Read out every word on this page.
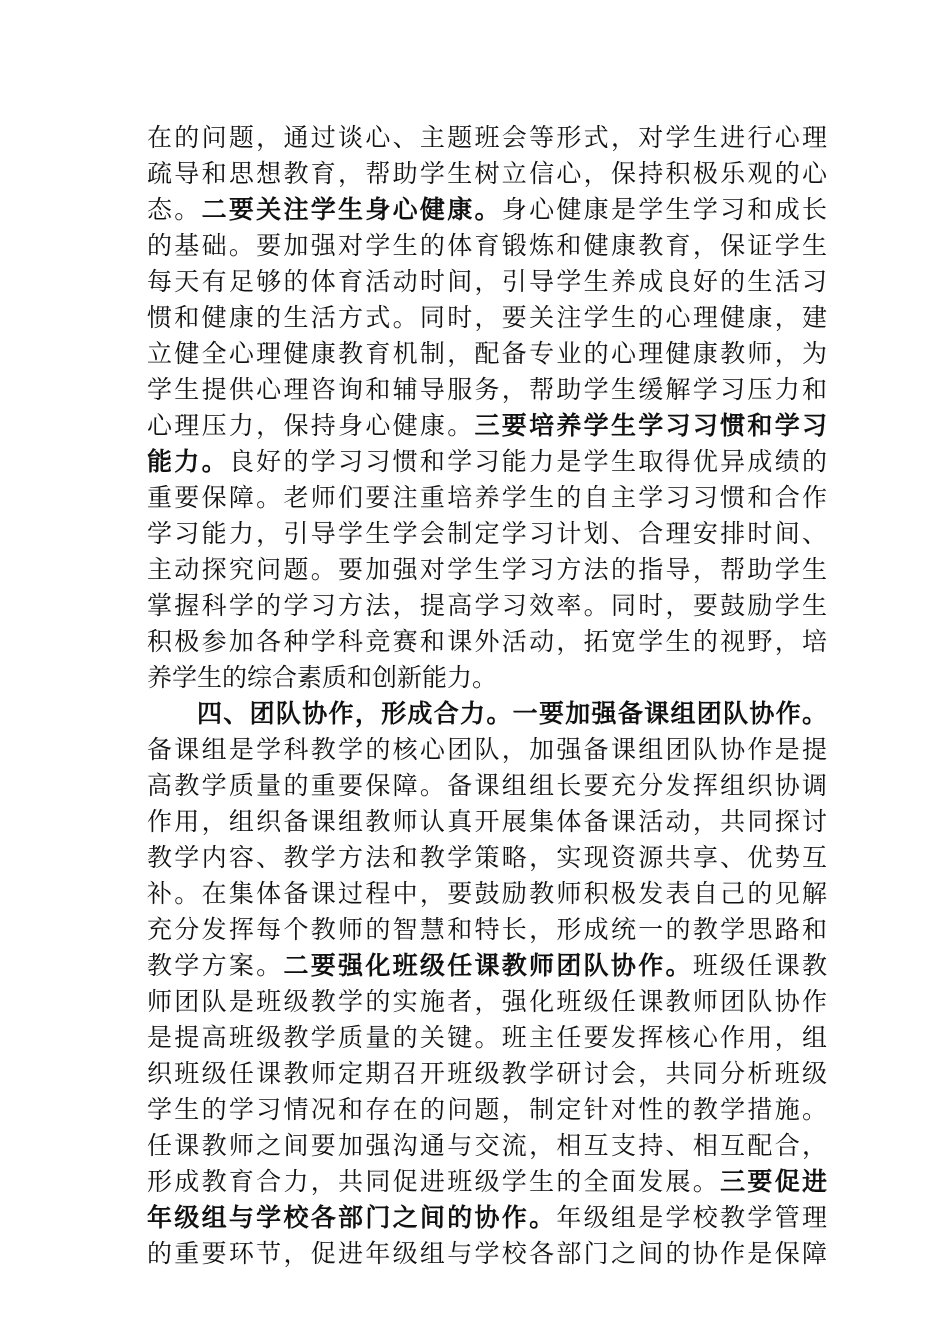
在的问题，通过谈心、主题班会等形式，对学生进行心理
疏导和思想教育，帮助学生树立信心，保持积极乐观的心
态。二要关注学生身心健康。身心健康是学生学习和成长
的基础。要加强对学生的体育锻炼和健康教育，保证学生
每天有足够的体育活动时间，引导学生养成良好的生活习
惯和健康的生活方式。同时，要关注学生的心理健康，建
立健全心理健康教育机制，配备专业的心理健康教师，为
学生提供心理咨询和辅导服务，帮助学生缓解学习压力和
心理压力，保持身心健康。三要培养学生学习习惯和学习
能力。良好的学习习惯和学习能力是学生取得优异成绩的
重要保障。老师们要注重培养学生的自主学习习惯和合作
学习能力，引导学生学会制定学习计划、合理安排时间、
主动探究问题。要加强对学生学习方法的指导，帮助学生
掌握科学的学习方法，提高学习效率。同时，要鼓励学生
积极参加各种学科竞赛和课外活动，拓宽学生的视野，培
养学生的综合素质和创新能力。
四、团队协作，形成合力。一要加强备课组团队协作。
备课组是学科教学的核心团队，加强备课组团队协作是提
高教学质量的重要保障。备课组组长要充分发挥组织协调
作用，组织备课组教师认真开展集体备课活动，共同探讨
教学内容、教学方法和教学策略，实现资源共享、优势互
补。在集体备课过程中，要鼓励教师积极发表自己的见解
充分发挥每个教师的智慧和特长，形成统一的教学思路和
教学方案。二要强化班级任课教师团队协作。班级任课教
师团队是班级教学的实施者，强化班级任课教师团队协作
是提高班级教学质量的关键。班主任要发挥核心作用，组
织班级任课教师定期召开班级教学研讨会，共同分析班级
学生的学习情况和存在的问题，制定针对性的教学措施。
任课教师之间要加强沟通与交流，相互支持、相互配合，
形成教育合力，共同促进班级学生的全面发展。三要促进
年级组与学校各部门之间的协作。年级组是学校教学管理
的重要环节，促进年级组与学校各部门之间的协作是保障
